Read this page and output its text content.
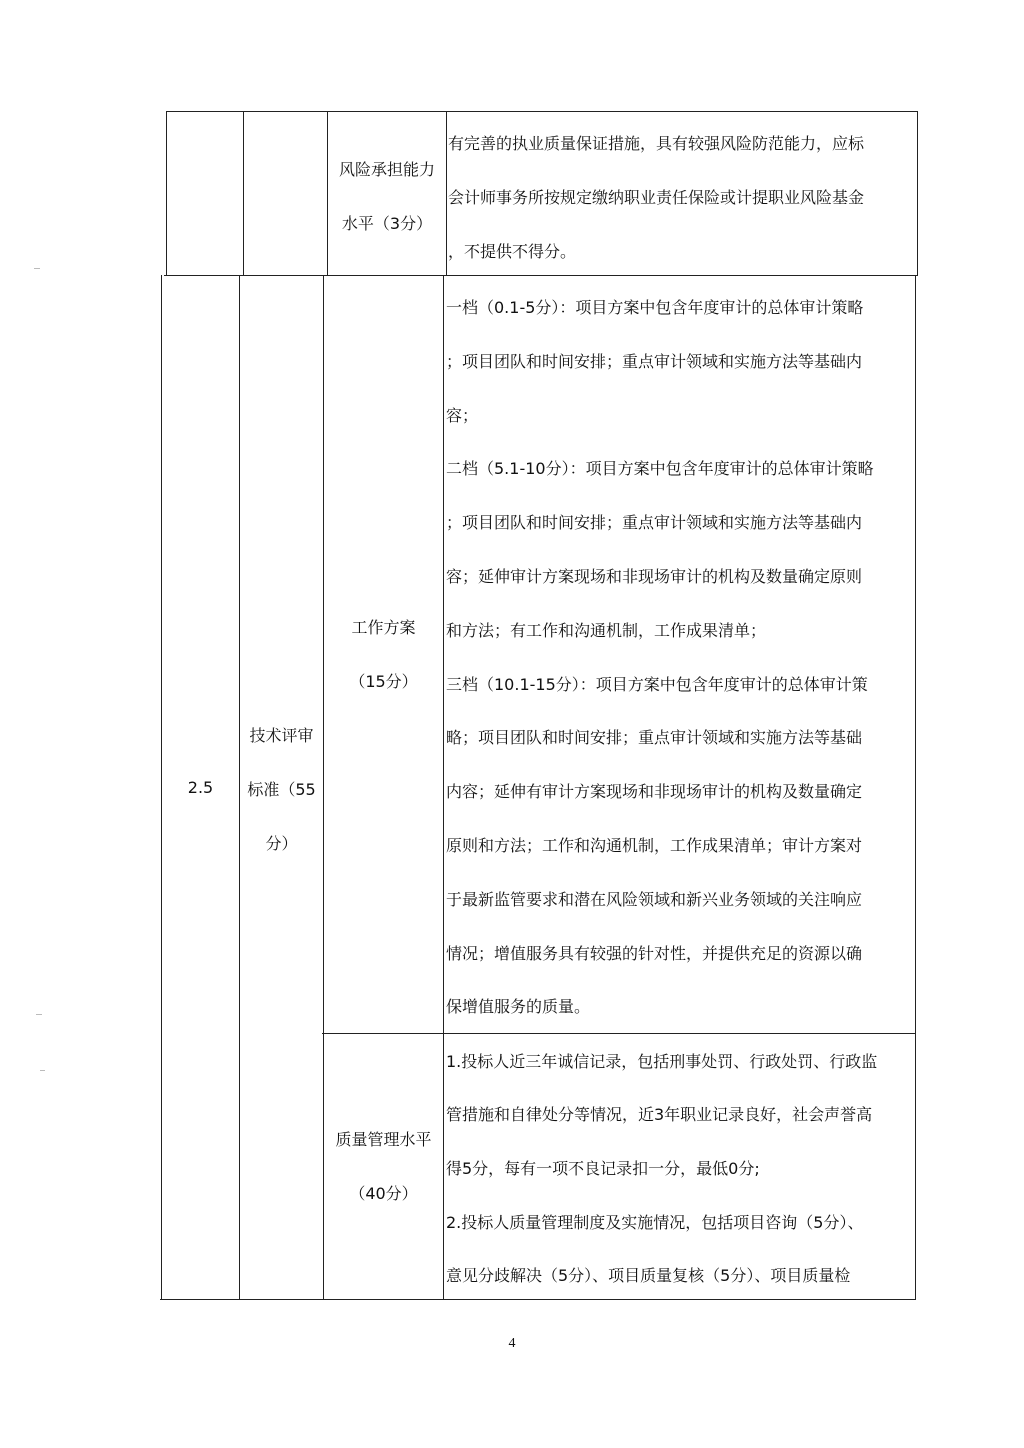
风险承担能力
水平（3分）
有完善的执业质量保证措施，具有较强风险防范能力，应标
会计师事务所按规定缴纳职业责任保险或计提职业风险基金
，不提供不得分。
2.5
技术评审
标准（55
分）
工作方案
（15分）
一档（0.1-5分）：项目方案中包含年度审计的总体审计策略
；项目团队和时间安排；重点审计领域和实施方法等基础内
容；
二档（5.1-10分）：项目方案中包含年度审计的总体审计策略
；项目团队和时间安排；重点审计领域和实施方法等基础内
容；延伸审计方案现场和非现场审计的机构及数量确定原则
和方法；有工作和沟通机制，工作成果清单；
三档（10.1-15分）：项目方案中包含年度审计的总体审计策
略；项目团队和时间安排；重点审计领域和实施方法等基础
内容；延伸有审计方案现场和非现场审计的机构及数量确定
原则和方法；工作和沟通机制，工作成果清单；审计方案对
于最新监管要求和潜在风险领域和新兴业务领域的关注响应
情况；增值服务具有较强的针对性，并提供充足的资源以确
保增值服务的质量。
质量管理水平
（40分）
1.投标人近三年诚信记录，包括刑事处罚、行政处罚、行政监
管措施和自律处分等情况，近3年职业记录良好，社会声誉高
得5分，每有一项不良记录扣一分，最低0分;
2.投标人质量管理制度及实施情况，包括项目咨询（5分）、
意见分歧解决（5分）、项目质量复核（5分）、项目质量检
4
